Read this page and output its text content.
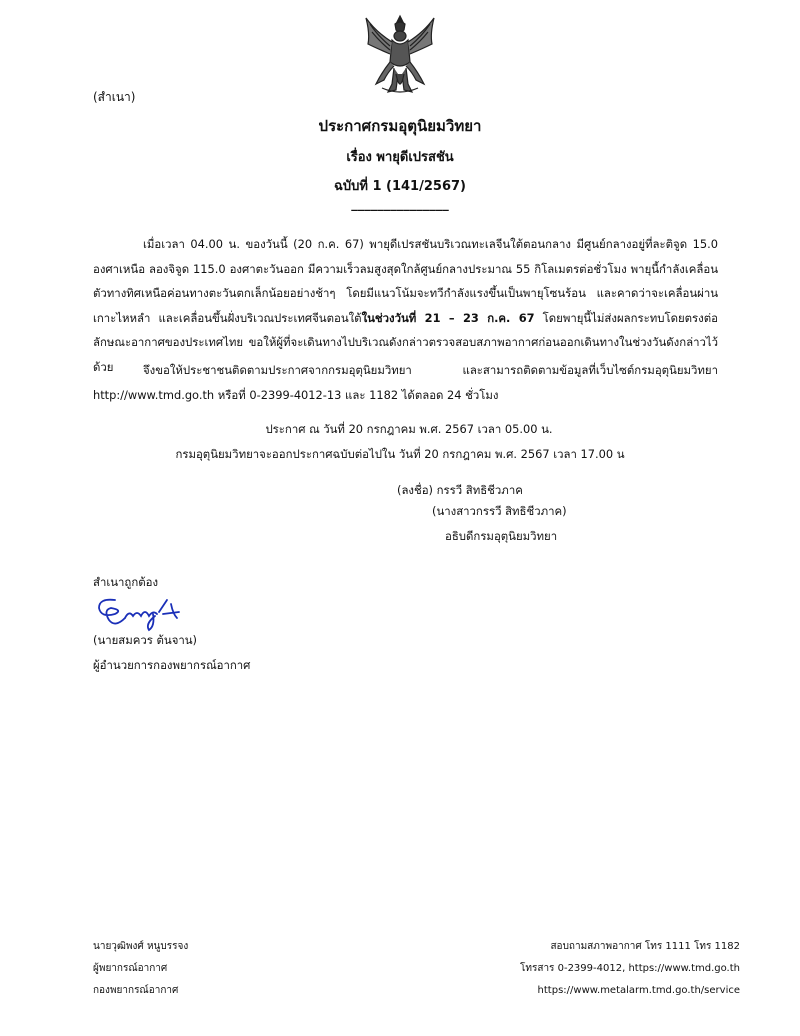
(สำเนา)
ประกาศกรมอุตุนิยมวิทยา
เรื่อง พายุดีเปรสชัน
ฉบับที่ 1 (141/2567)
_______________
เมื่อเวลา 04.00 น. ของวันนี้ (20 ก.ค. 67) พายุดีเปรสชันบริเวณทะเลจีนใต้ตอนกลาง มีศูนย์กลางอยู่ที่ละติจูด 15.0 องศาเหนือ ลองจิจูด 115.0 องศาตะวันออก มีความเร็วลมสูงสุดใกล้ศูนย์กลางประมาณ 55 กิโลเมตรต่อชั่วโมง พายุนี้กำลังเคลื่อนตัวทางทิศเหนือค่อนทางตะวันตกเล็กน้อยอย่างช้าๆ โดยมีแนวโน้มจะทวีกำลังแรงขึ้นเป็นพายุโซนร้อน และคาดว่าจะเคลื่อนผ่านเกาะไหหลำ และเคลื่อนขึ้นฝั่งบริเวณประเทศจีนตอนใต้ในช่วงวันที่ 21 – 23 ก.ค. 67 โดยพายุนี้ไม่ส่งผลกระทบโดยตรงต่อลักษณะอากาศของประเทศไทย ขอให้ผู้ที่จะเดินทางไปบริเวณดังกล่าวตรวจสอบสภาพอากาศก่อนออกเดินทางในช่วงวันดังกล่าวไว้ด้วย	จึงขอให้ประชาชนติดตามประกาศจากกรมอุตุนิยมวิทยา และสามารถติดตามข้อมูลที่เว็บไซต์กรมอุตุนิยมวิทยา http://www.tmd.go.th หรือที่ 0-2399-4012-13 และ 1182 ได้ตลอด 24 ชั่วโมง
ประกาศ ณ วันที่ 20 กรกฎาคม พ.ศ. 2567 เวลา 05.00 น.
กรมอุตุนิยมวิทยาจะออกประกาศฉบับต่อไปใน วันที่ 20 กรกฎาคม พ.ศ. 2567 เวลา 17.00 น
(ลงชื่อ) กรรวี สิทธิชีวภาค
(นางสาวกรรวี สิทธิชีวภาค)
อธิบดีกรมอุตุนิยมวิทยา
สำเนาถูกต้อง
(นายสมควร ต้นจาน)
ผู้อำนวยการกองพยากรณ์อากาศ
นายวุฒิพงศ์ หนูบรรจง
ผู้พยากรณ์อากาศ
กองพยากรณ์อากาศ
สอบถามสภาพอากาศ โทร 1111 โทร 1182
โทรสาร 0-2399-4012, https://www.tmd.go.th
https://www.metalarm.tmd.go.th/service
